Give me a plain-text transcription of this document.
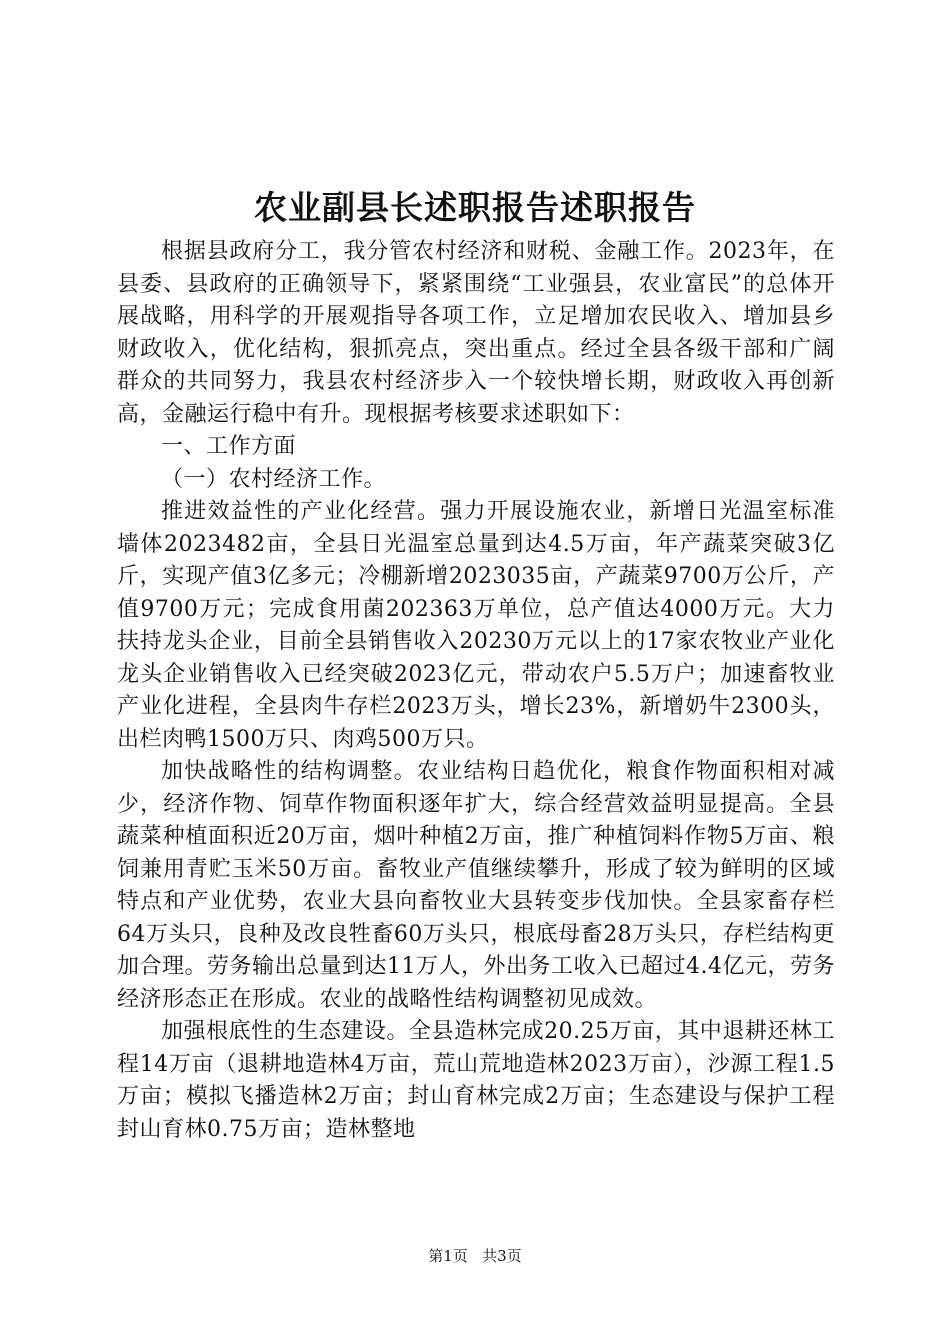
农业副县长述职报告述职报告

根据县政府分工，我分管农村经济和财税、金融工作。2023年，在县委、县政府的正确领导下，紧紧围绕“工业强县，农业富民”的总体开展战略，用科学的开展观指导各项工作，立足增加农民收入、增加县乡财政收入，优化结构，狠抓亮点，突出重点。经过全县各级干部和广阔群众的共同努力，我县农村经济步入一个较快增长期，财政收入再创新高，金融运行稳中有升。现根据考核要求述职如下：

一、工作方面

（一）农村经济工作。

推进效益性的产业化经营。强力开展设施农业，新增日光温室标准墙体2023482亩，全县日光温室总量到达4.5万亩，年产蔬菜突破3亿斤，实现产值3亿多元；冷棚新增2023035亩，产蔬菜9700万公斤，产值9700万元；完成食用菌202363万单位，总产值达4000万元。大力扶持龙头企业，目前全县销售收入20230万元以上的17家农牧业产业化龙头企业销售收入已经突破2023亿元，带动农户5.5万户；加速畜牧业产业化进程，全县肉牛存栏2023万头，增长23%，新增奶牛2300头，出栏肉鸭1500万只、肉鸡500万只。

加快战略性的结构调整。农业结构日趋优化，粮食作物面积相对减少，经济作物、饲草作物面积逐年扩大，综合经营效益明显提高。全县蔬菜种植面积近20万亩，烟叶种植2万亩，推广种植饲料作物5万亩、粮饲兼用青贮玉米50万亩。畜牧业产值继续攀升，形成了较为鲜明的区域特点和产业优势，农业大县向畜牧业大县转变步伐加快。全县家畜存栏64万头只，良种及改良牲畜60万头只，根底母畜28万头只，存栏结构更加合理。劳务输出总量到达11万人，外出务工收入已超过4.4亿元，劳务经济形态正在形成。农业的战略性结构调整初见成效。

加强根底性的生态建设。全县造林完成20.25万亩，其中退耕还林工程14万亩（退耕地造林4万亩，荒山荒地造林2023万亩），沙源工程1.5万亩；模拟飞播造林2万亩；封山育林完成2万亩；生态建设与保护工程封山育林0.75万亩；造林整地

第1页 共3页
